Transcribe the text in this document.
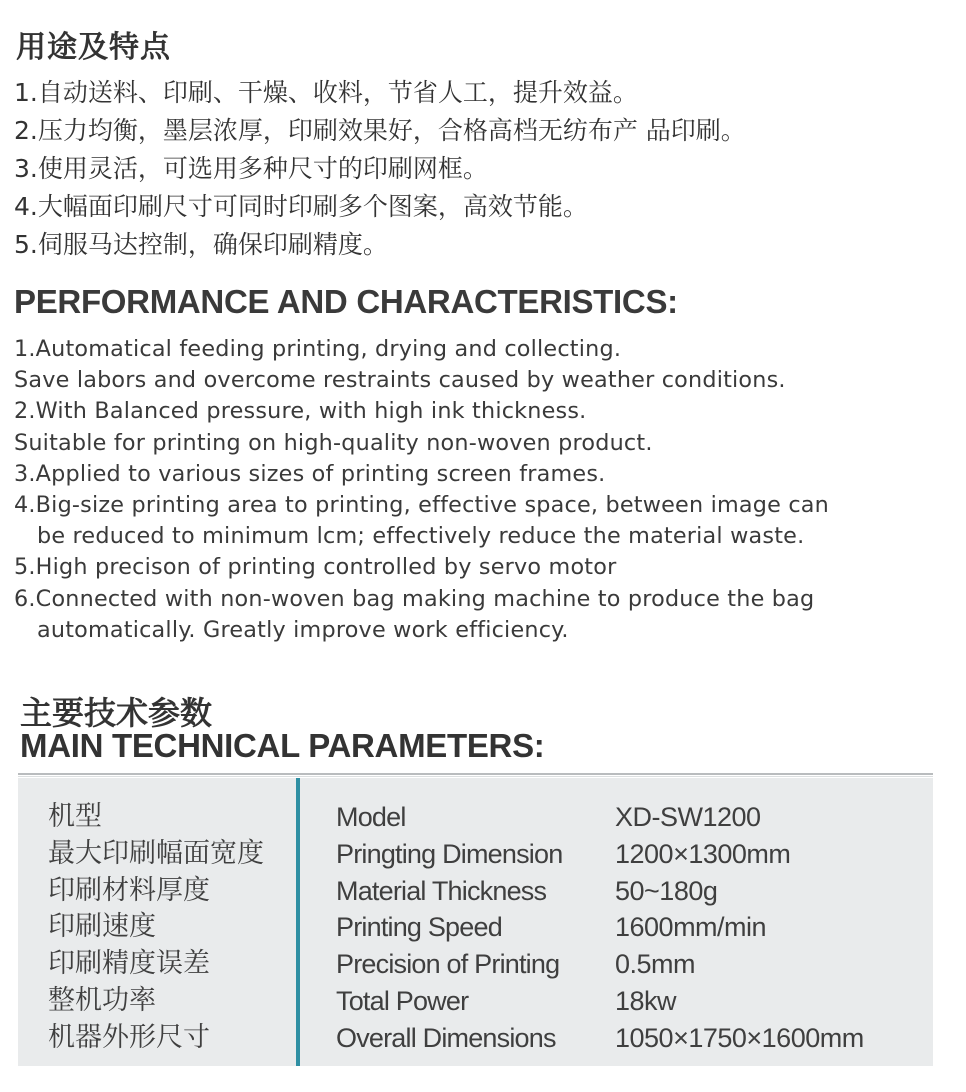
用途及特点
1.自动送料、印刷、干燥、收料，节省人工，提升效益。
2.压力均衡，墨层浓厚，印刷效果好，合格高档无纺布产 品印刷。
3.使用灵活，可选用多种尺寸的印刷网框。
4.大幅面印刷尺寸可同时印刷多个图案，高效节能。
5.伺服马达控制，确保印刷精度。
PERFORMANCE AND CHARACTERISTICS:
1.Automatical feeding printing, drying and collecting.
Save labors and overcome restraints caused by weather conditions.
2.With Balanced pressure, with high ink thickness.
Suitable for printing on high-quality non-woven product.
3.Applied to various sizes of printing screen frames.
4.Big-size printing area to printing, effective space, between image can
be reduced to minimum lcm; effectively reduce the material waste.
5.High precison of printing controlled by servo motor
6.Connected with non-woven bag making machine to produce the bag
automatically. Greatly improve work efficiency.
主要技术参数
MAIN TECHNICAL PARAMETERS:
机型
最大印刷幅面宽度
印刷材料厚度
印刷速度
印刷精度误差
整机功率
机器外形尺寸
Model
Pringting Dimension
Material Thickness
Printing Speed
Precision of Printing
Total Power
Overall Dimensions
XD-SW1200
1200×1300mm
50~180g
1600mm/min
0.5mm
18kw
1050×1750×1600mm
